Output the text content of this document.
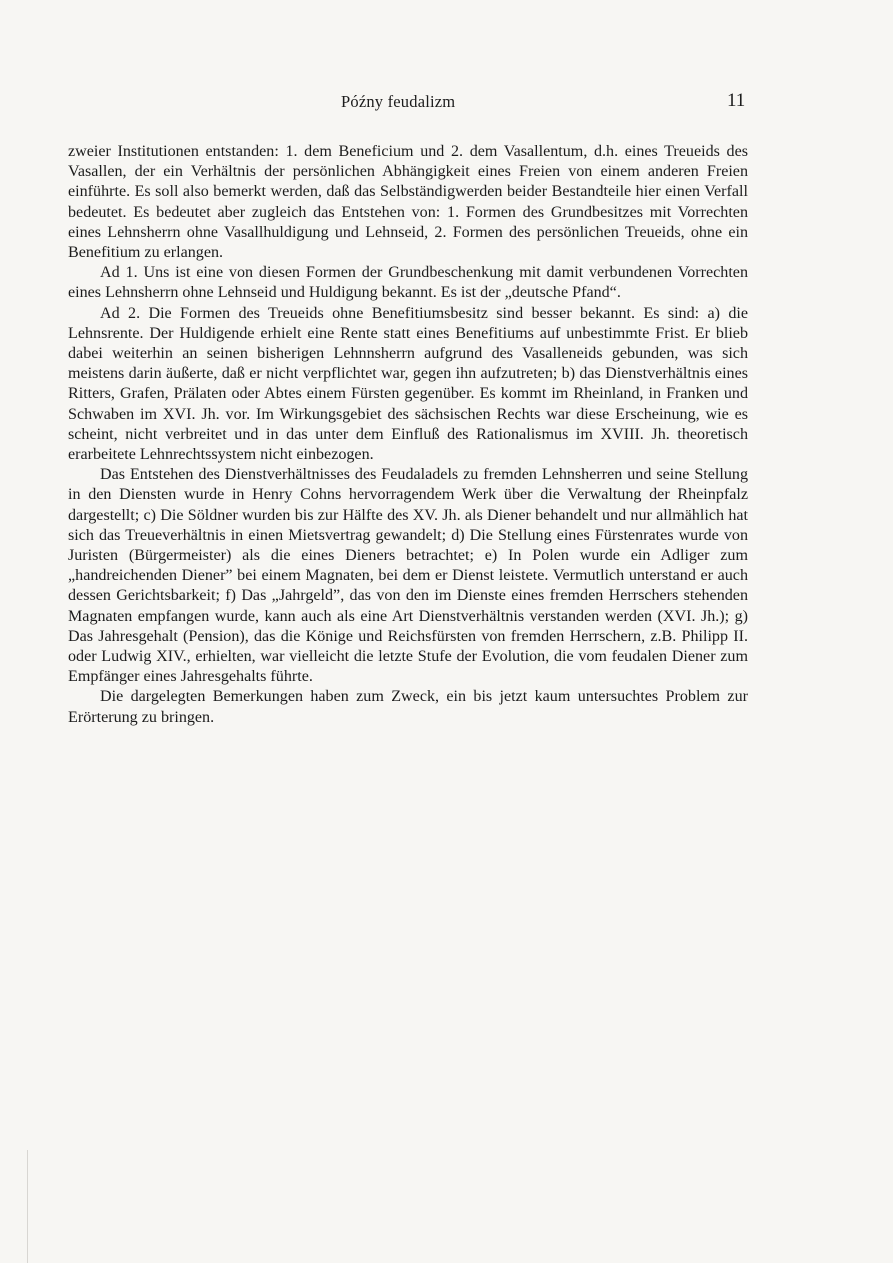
Późny feudalizm	11

zweier Institutionen entstanden: 1. dem Beneficium und 2. dem Vasallentum, d.h. eines Treueids des Vasallen, der ein Verhältnis der persönlichen Abhängigkeit eines Freien von einem anderen Freien einführte. Es soll also bemerkt werden, daß das Selbständigwerden beider Bestandteile hier einen Verfall bedeutet. Es bedeutet aber zugleich das Entstehen von: 1. Formen des Grundbesitzes mit Vorrechten eines Lehnsherrn ohne Vasallhuldigung und Lehnseid, 2. Formen des persönlichen Treueids, ohne ein Benefitium zu erlangen.

Ad 1. Uns ist eine von diesen Formen der Grundbeschenkung mit damit verbundenen Vorrechten eines Lehnsherrn ohne Lehnseid und Huldigung bekannt. Es ist der „deutsche Pfand“.

Ad 2. Die Formen des Treueids ohne Benefitiumsbesitz sind besser bekannt. Es sind: a) die Lehnsrente. Der Huldigende erhielt eine Rente statt eines Benefitiums auf unbestimmte Frist. Er blieb dabei weiterhin an seinen bisherigen Lehnnsherrn aufgrund des Vasalleneids gebunden, was sich meistens darin äußerte, daß er nicht verpflichtet war, gegen ihn aufzutreten; b) das Dienstverhältnis eines Ritters, Grafen, Prälaten oder Abtes einem Fürsten gegenüber. Es kommt im Rheinland, in Franken und Schwaben im XVI. Jh. vor. Im Wirkungsgebiet des sächsischen Rechts war diese Erscheinung, wie es scheint, nicht verbreitet und in das unter dem Einfluß des Rationalismus im XVIII. Jh. theoretisch erarbeitete Lehnrechtssystem nicht einbezogen.

Das Entstehen des Dienstverhältnisses des Feudaladels zu fremden Lehnsherren und seine Stellung in den Diensten wurde in Henry Cohns hervorragendem Werk über die Verwaltung der Rheinpfalz dargestellt; c) Die Söldner wurden bis zur Hälfte des XV. Jh. als Diener behandelt und nur allmählich hat sich das Treueverhältnis in einen Mietsvertrag gewandelt; d) Die Stellung eines Fürstenrates wurde von Juristen (Bürgermeister) als die eines Dieners betrachtet; e) In Polen wurde ein Adliger zum „handreichenden Diener” bei einem Magnaten, bei dem er Dienst leistete. Vermutlich unterstand er auch dessen Gerichtsbarkeit; f) Das „Jahrgeld”, das von den im Dienste eines fremden Herrschers stehenden Magnaten empfangen wurde, kann auch als eine Art Dienstverhältnis verstanden werden (XVI. Jh.); g) Das Jahresgehalt (Pension), das die Könige und Reichsfürsten von fremden Herrschern, z.B. Philipp II. oder Ludwig XIV., erhielten, war vielleicht die letzte Stufe der Evolution, die vom feudalen Diener zum Empfänger eines Jahresgehalts führte.

Die dargelegten Bemerkungen haben zum Zweck, ein bis jetzt kaum untersuchtes Problem zur Erörterung zu bringen.
